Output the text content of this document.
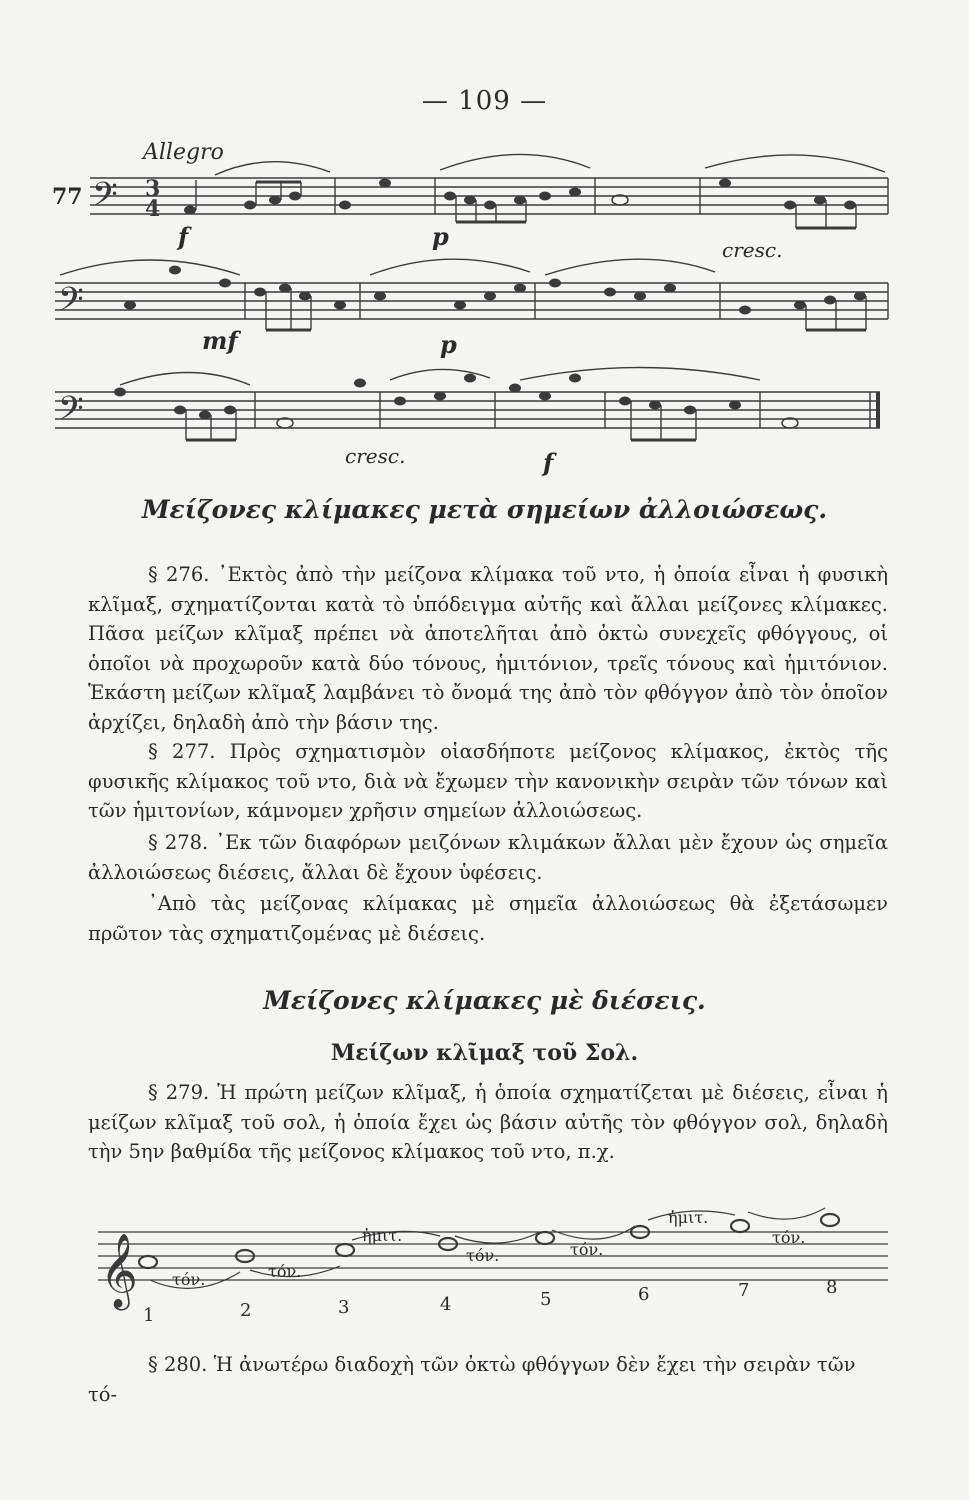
— 109 —
77
Allegro
𝄢 3
4
𝄢
𝄢
f	p	cresc.
mf	p
cresc.	f
Μείζονες κλίμακες μετὰ σημείων ἀλλοιώσεως.
§ 276. ᾿Εκτὸς ἀπὸ τὴν μείζονα κλίμακα τοῦ ντο, ἡ ὁποία εἶναι ἡ φυσικὴ κλῖμαξ, σχηματίζονται κατὰ τὸ ὑπόδειγμα αὐτῆς καὶ ἄλλαι μείζονες κλίμακες. Πᾶσα μείζων κλῖμαξ πρέπει νὰ ἀποτελῆται ἀπὸ ὀκτὼ συνεχεῖς φθόγγους, οἱ ὁποῖοι νὰ προχωροῦν κατὰ δύο τόνους, ἡμιτόνιον, τρεῖς τόνους καὶ ἡμιτόνιον. Ἑκάστη μείζων κλῖμαξ λαμβάνει τὸ ὄνομά της ἀπὸ τὸν φθόγγον ἀπὸ τὸν ὁποῖον ἀρχίζει, δηλαδὴ ἀπὸ τὴν βάσιν της.
§ 277. Πρὸς σχηματισμὸν οἱασδήποτε μείζονος κλίμακος, ἐκτὸς τῆς φυσικῆς κλίμακος τοῦ ντο, διὰ νὰ ἔχωμεν τὴν κανονικὴν σειρὰν τῶν τόνων καὶ τῶν ἡμιτονίων, κάμνομεν χρῆσιν σημείων ἀλλοιώσεως.
§ 278. ᾿Εκ τῶν διαφόρων μειζόνων κλιμάκων ἄλλαι μὲν ἔχουν ὡς σημεῖα ἀλλοιώσεως διέσεις, ἄλλαι δὲ ἔχουν ὑφέσεις.
᾿Απὸ τὰς μείζονας κλίμακας μὲ σημεῖα ἀλλοιώσεως θὰ ἐξετάσωμεν πρῶτον τὰς σχηματιζομένας μὲ διέσεις.
Μείζονες κλίμακες μὲ διέσεις.
Μείζων κλῖμαξ τοῦ Σολ.
§ 279. Ἡ πρώτη μείζων κλῖμαξ, ἡ ὁποία σχηματίζεται μὲ διέσεις, εἶναι ἡ μείζων κλῖμαξ τοῦ σολ, ἡ ὁποία ἔχει ὡς βάσιν αὐτῆς τὸν φθόγγον σολ, δηλαδὴ τὴν 5ην βαθμίδα τῆς μείζονος κλίμακος τοῦ ντο, π.χ.
𝄞 τόν.	τόν.
ἡμιτ.
τόν.	τόν.
ἡμιτ.
τόν.
1	2	3	4	5	6	7	8
§ 280. Ἡ ἀνωτέρω διαδοχὴ τῶν ὀκτὼ φθόγγων δὲν ἔχει τὴν σειρὰν τῶν τό-
